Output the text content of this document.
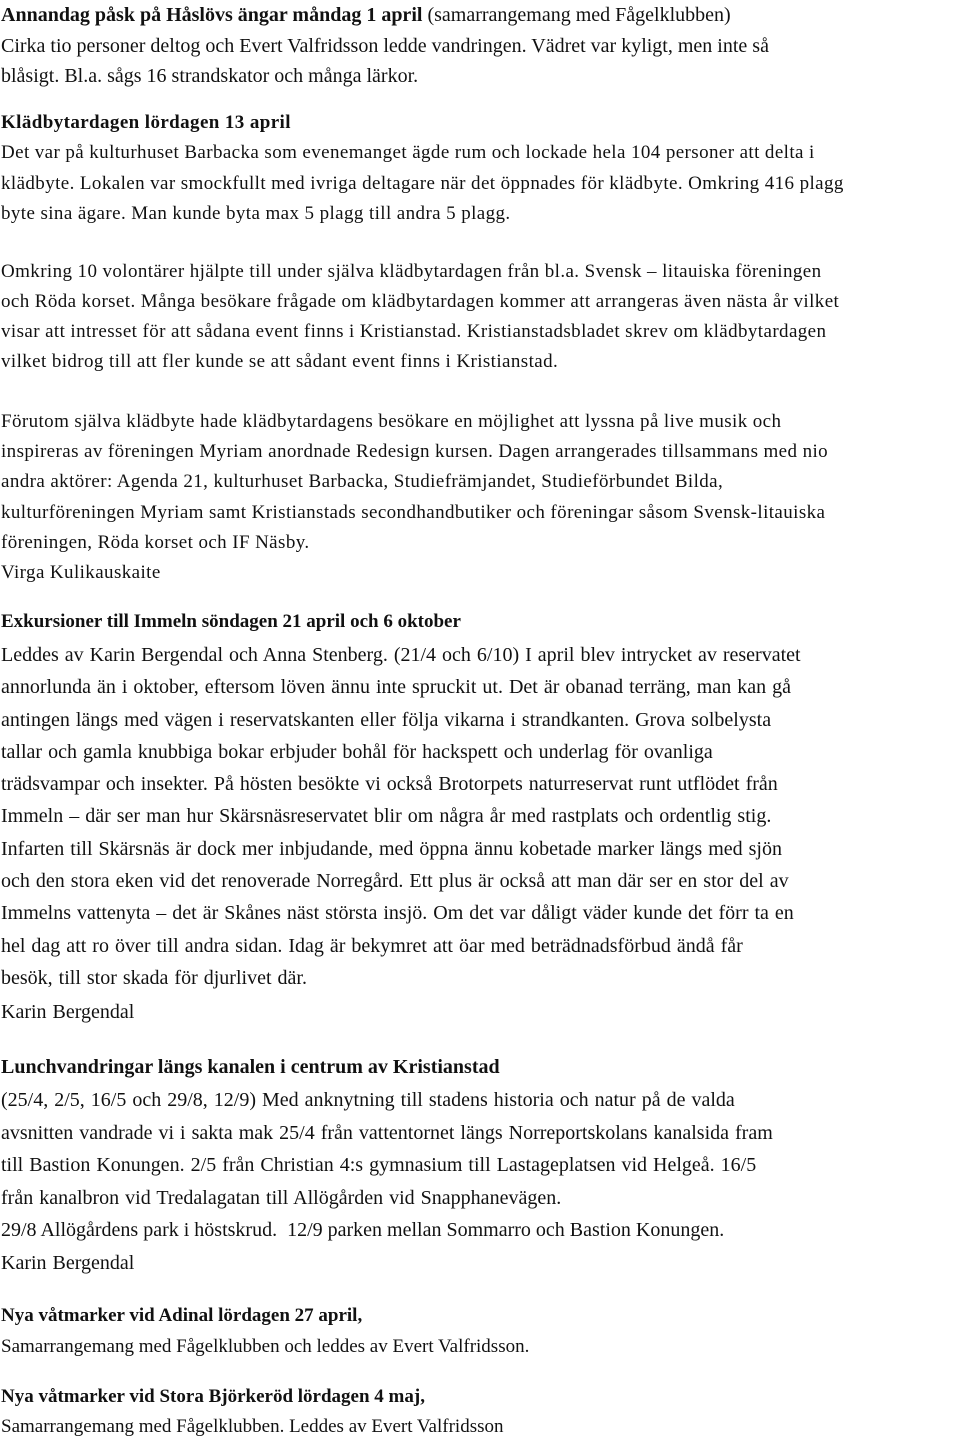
Annandag påsk på Håslövs ängar måndag 1 april (samarrangemang med Fågelklubben)

Cirka tio personer deltog och Evert Valfridsson ledde vandringen. Vädret var kyligt, men inte så

blåsigt. Bl.a. sågs 16 strandskator och många lärkor.

Klädbytardagen lördagen 13 april

Det var på kulturhuset Barbacka som evenemanget ägde rum och lockade hela 104 personer att delta i

klädbyte. Lokalen var smockfullt med ivriga deltagare när det öppnades för klädbyte. Omkring 416 plagg

byte sina ägare. Man kunde byta max 5 plagg till andra 5 plagg.

Omkring 10 volontärer hjälpte till under själva klädbytardagen från bl.a. Svensk – litauiska föreningen

och Röda korset. Många besökare frågade om klädbytardagen kommer att arrangeras även nästa år vilket

visar att intresset för att sådana event finns i Kristianstad. Kristianstadsbladet skrev om klädbytardagen

vilket bidrog till att fler kunde se att sådant event finns i Kristianstad.

Förutom själva klädbyte hade klädbytardagens besökare en möjlighet att lyssna på live musik och

inspireras av föreningen Myriam anordnade Redesign kursen. Dagen arrangerades tillsammans med nio

andra aktörer: Agenda 21, kulturhuset Barbacka, Studiefrämjandet, Studieförbundet Bilda,

kulturföreningen Myriam samt Kristianstads secondhandbutiker och föreningar såsom Svensk-litauiska

föreningen, Röda korset och IF Näsby.

Virga Kulikauskaite

Exkursioner till Immeln söndagen 21 april och 6 oktober

Leddes av Karin Bergendal och Anna Stenberg. (21/4 och 6/10) I april blev intrycket av reservatet

annorlunda än i oktober, eftersom löven ännu inte spruckit ut. Det är obanad terräng, man kan gå

antingen längs med vägen i reservatskanten eller följa vikarna i strandkanten. Grova solbelysta

tallar och gamla knubbiga bokar erbjuder bohål för hackspett och underlag för ovanliga

trädsvampar och insekter. På hösten besökte vi också Brotorpets naturreservat runt utflödet från

Immeln – där ser man hur Skärsnäsreservatet blir om några år med rastplats och ordentlig stig.

Infarten till Skärsnäs är dock mer inbjudande, med öppna ännu kobetade marker längs med sjön

och den stora eken vid det renoverade Norregård. Ett plus är också att man där ser en stor del av

Immelns vattenyta – det är Skånes näst största insjö. Om det var dåligt väder kunde det förr ta en

hel dag att ro över till andra sidan. Idag är bekymret att öar med beträdnadsförbud ändå får

besök, till stor skada för djurlivet där.

Karin Bergendal

Lunchvandringar längs kanalen i centrum av Kristianstad

(25/4, 2/5, 16/5 och 29/8, 12/9) Med anknytning till stadens historia och natur på de valda

avsnitten vandrade vi i sakta mak 25/4 från vattentornet längs Norreportskolans kanalsida fram

till Bastion Konungen. 2/5 från Christian 4:s gymnasium till Lastageplatsen vid Helgeå. 16/5

från kanalbron vid Tredalagatan till Allögården vid Snapphanevägen.

29/8 Allögårdens park i höstskrud.  12/9 parken mellan Sommarro och Bastion Konungen.

Karin Bergendal

Nya våtmarker vid Adinal lördagen 27 april,

Samarrangemang med Fågelklubben och leddes av Evert Valfridsson.

Nya våtmarker vid Stora Björkeröd lördagen 4 maj,

Samarrangemang med Fågelklubben. Leddes av Evert Valfridsson
